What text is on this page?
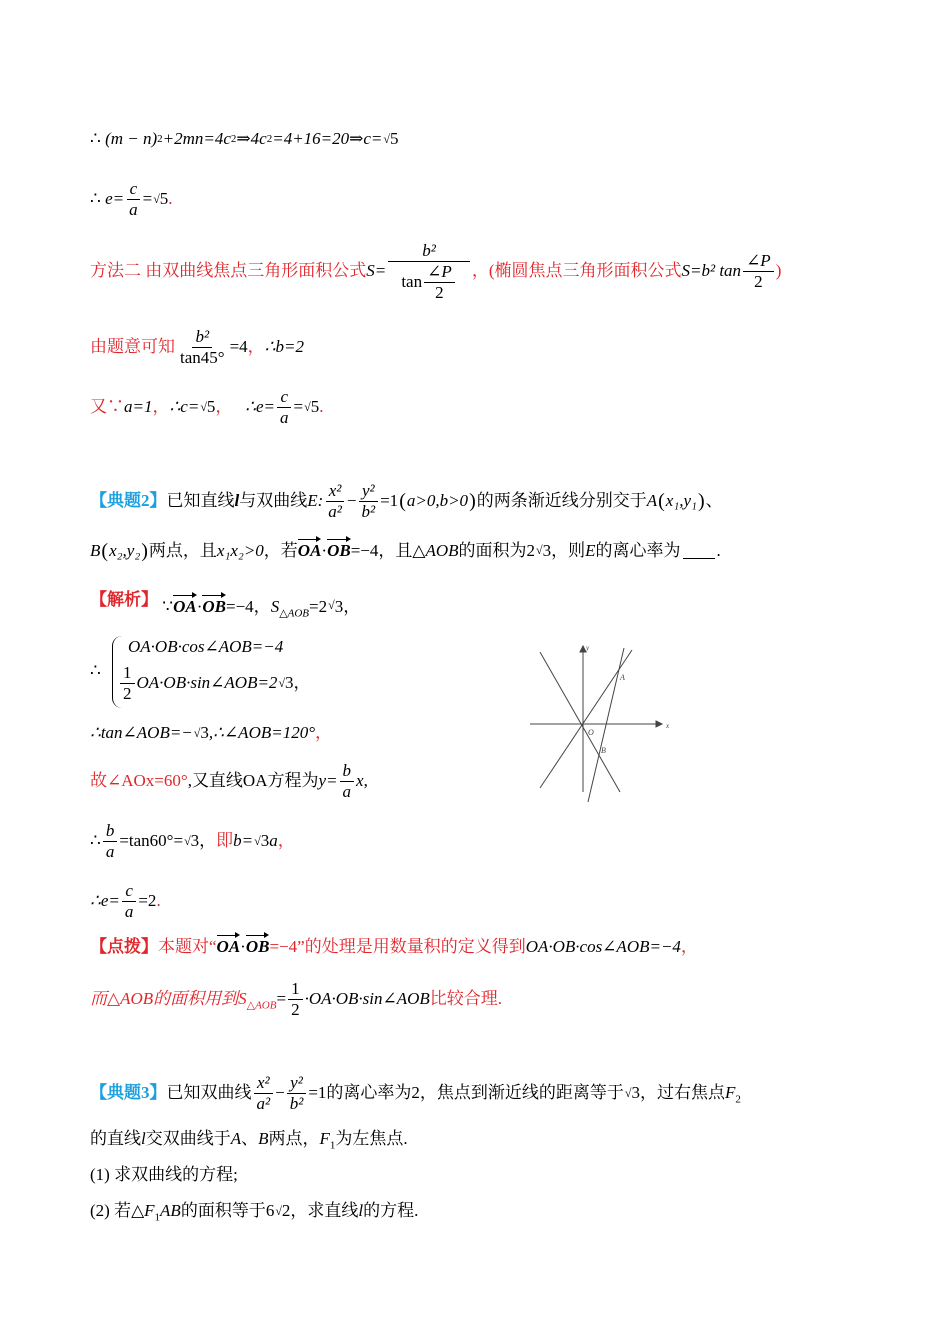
∴
(m − n) 2 +2mn=4c 2 ⇒4c 2 =4+16=20⇒c= √ 5
∴
$e= \frac{c}{a}$ = √ 5 .
方法二 由双曲线焦点三角形面积公式 $S= \frac{\text{b²}}{\tan \frac{\angle P}{2}}$ ，(椭圆焦点三角形面积公式 S=b² $\tan \frac{\angle P}{2}$ )
由题意可知 $\frac{\text{b²}}{\tan 45^\circ} =4$ ， ∴b=2
又∵ a=1 ， ∴c= √ 5 ，
∴e= $\frac{c}{a}$ = √ 5 .
【典题2】 已知直线 l 与双曲线 E: $\frac{\text{x²}}{\text{a²}} - \frac{\text{y²}}{\text{b²}} =1$ ( a>0,b>0 ) 的两条渐近线分别交于 A ( x₁,y₁ ) 、
B ( x₂,y₂ ) 两点，且 x₁x₂>0 ，若 OA · OB =−4，且△ AOB 的面积为2 √ 3 ，则 E 的离心率为 .
【解析】
∵ OA · OB =−4， $S_{\triangle AOB} =2$ √ 3 ，
∴
OA·OB·cos∠AOB=−4
$\frac{1}{2}$ OA·OB·sin∠AOB=2 √ 3 ，
∴tan∠AOB=− √ 3 ,∴∠AOB=120° ，
故∠AOx=60° ,又直线OA方程为 $y= \frac{b}{a}$ x ,
∴ $\frac{b}{a} =\tan 60^\circ=$ √ 3 ， 即 b= √ 3 a ，
∴e= $\frac{c}{a} =2$ .
【点拨】 本题对“ OA · OB =−4”的处理是用数量积的定义得到 OA·OB·cos∠AOB=−4 ，
而△AOB的面积用到 $S_{\triangle AOB} = \frac{1}{2}$ ·OA·OB·sin∠AOB 比较合理.
【典题3】 已知双曲线 $\frac{\text{x²}}{\text{a²}} - \frac{\text{y²}}{\text{b²}} =1$的离心率为2，焦点到渐近线的距离等于 √ 3 ，过右焦点 $F_2$
的直线 l 交双曲线于 A 、 B 两点， $F_1$ 为左焦点.
(1)
求双曲线的方程;
(2)
若△ $F_1$ AB 的面积等于6 √ 2 ，求直线 l 的方程.
x
y
O
A
B
